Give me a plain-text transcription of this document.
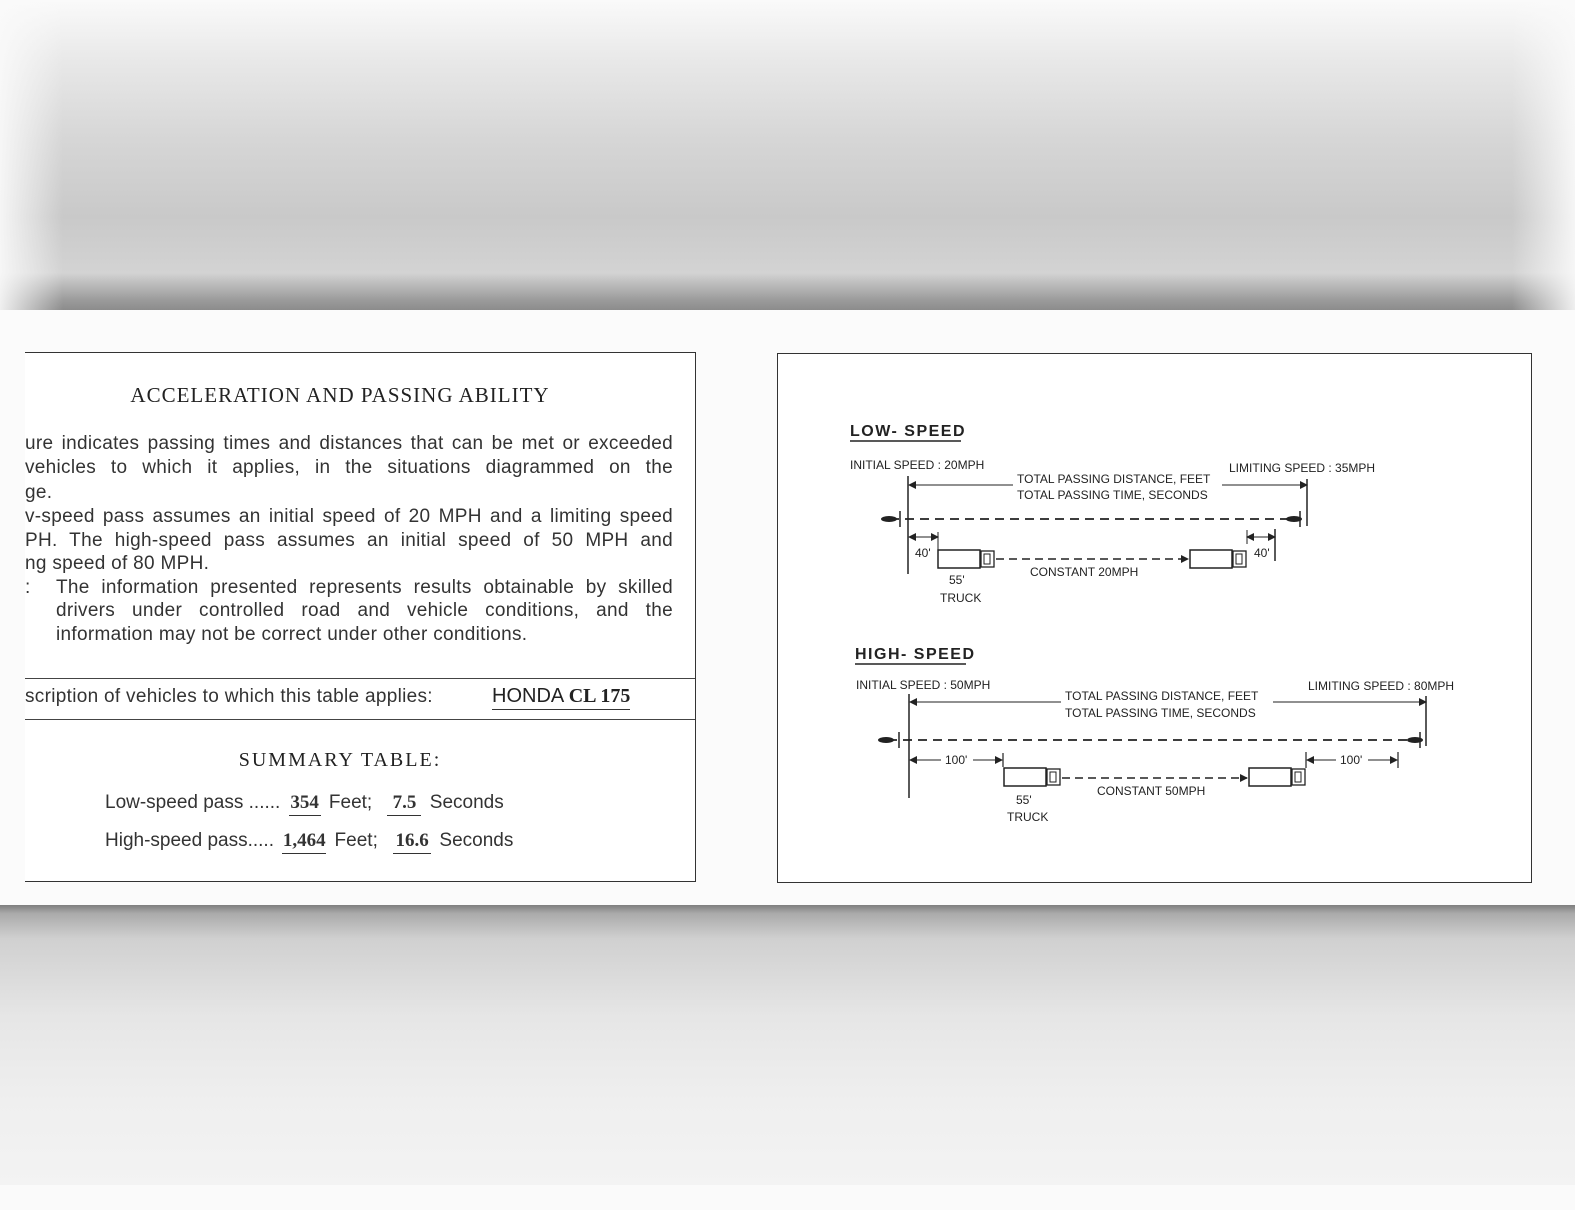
ACCELERATION AND PASSING ABILITY
ure indicates passing times and distances that can be met or exceeded
vehicles to which it applies, in the situations diagrammed on the
ge.
v-speed pass assumes an initial speed of 20 MPH and a limiting speed
PH. The high-speed pass assumes an initial speed of 50 MPH and
ng speed of 80 MPH.
: The information presented represents results obtainable by skilled
drivers under controlled road and vehicle conditions, and the
information may not be correct under other conditions.
scription of vehicles to which this table applies:	HONDA CL 175
SUMMARY TABLE:
Low-speed pass ...... 354 Feet; 7.5 Seconds
High-speed pass..... 1,464 Feet; 16.6 Seconds
LOW- SPEED
INITIAL SPEED : 20MPH	LIMITING SPEED : 35MPH
TOTAL PASSING DISTANCE, FEET
TOTAL PASSING TIME, SECONDS
40'
CONSTANT 20MPH
40'
55'
TRUCK
HIGH- SPEED
INITIAL SPEED : 50MPH	LIMITING SPEED : 80MPH
TOTAL PASSING DISTANCE, FEET
TOTAL PASSING TIME, SECONDS
100'
CONSTANT 50MPH
100'
55'
TRUCK
